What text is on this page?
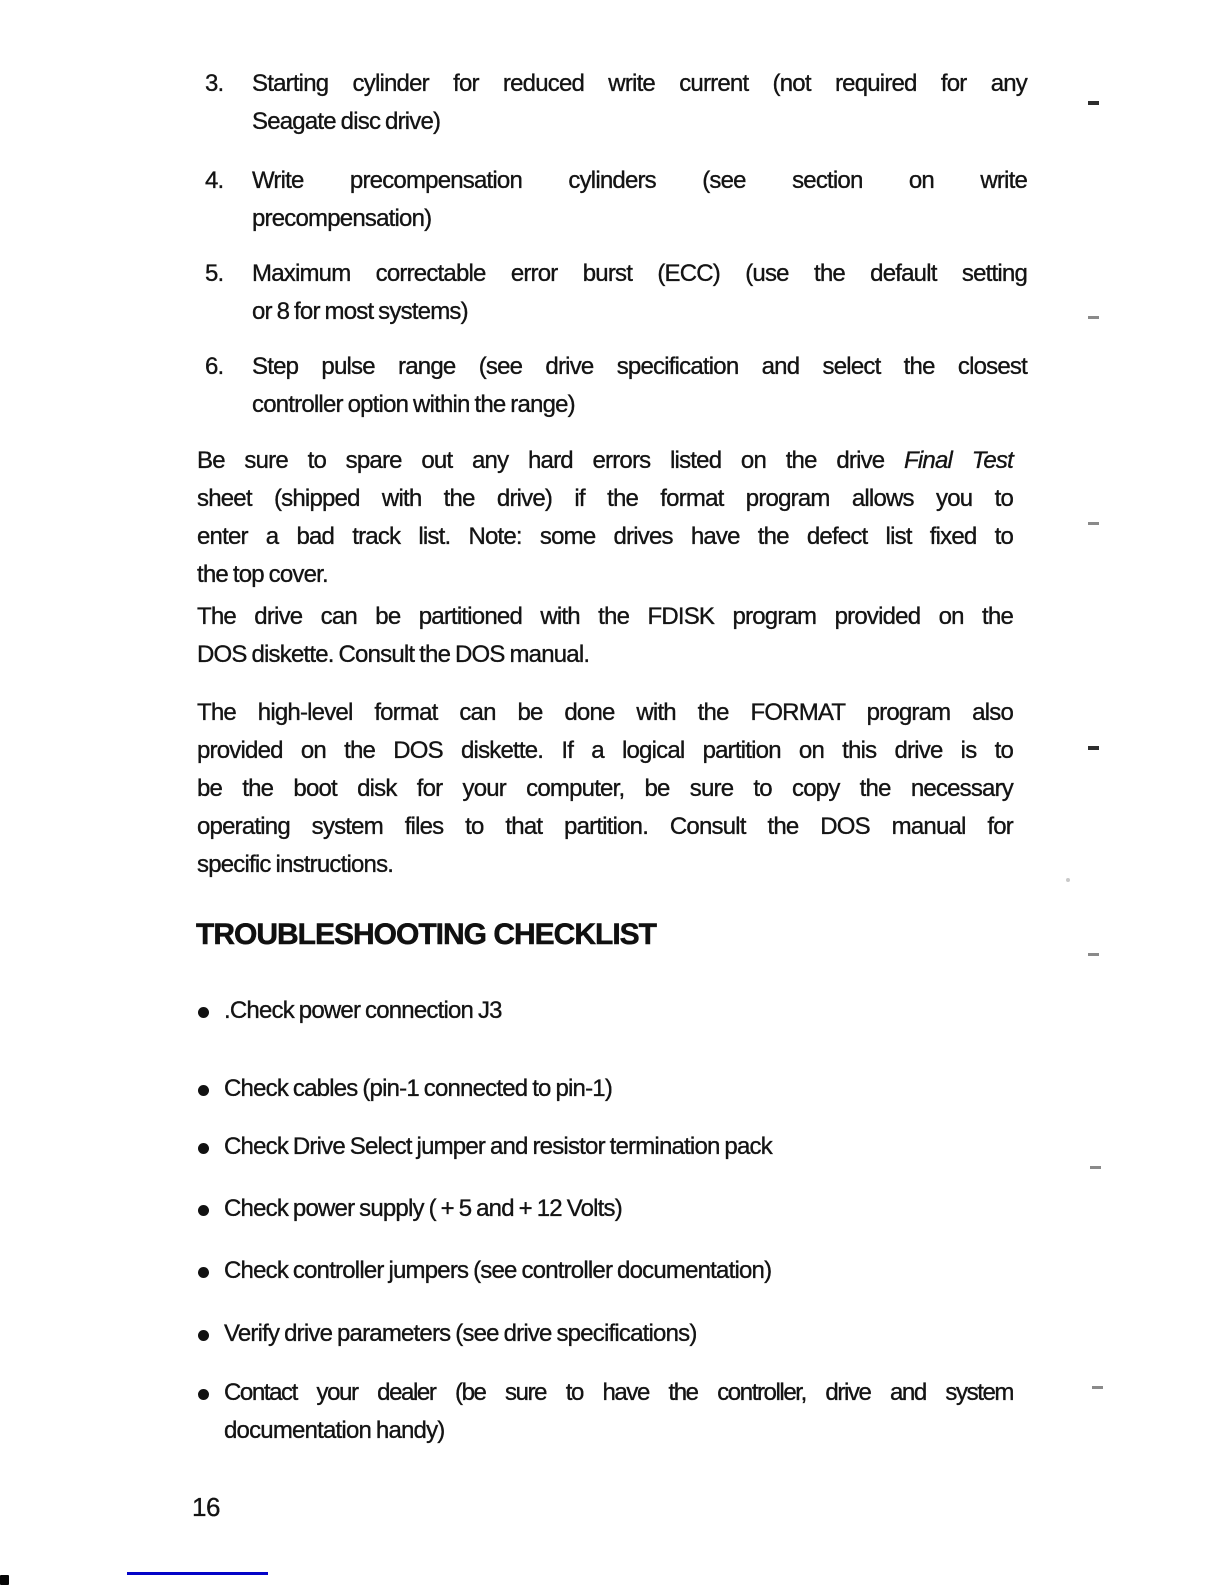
3. Starting cylinder for reduced write current (not required for any
Seagate disc drive)
4. Write precompensation cylinders (see section on write
precompensation)
5. Maximum correctable error burst (ECC) (use the default setting
or 8 for most systems)
6. Step pulse range (see drive specification and select the closest
controller option within the range)
Be sure to spare out any hard errors listed on the drive Final Test
sheet (shipped with the drive) if the format program allows you to
enter a bad track list. Note: some drives have the defect list fixed to
the top cover.
The drive can be partitioned with the FDISK program provided on the
DOS diskette. Consult the DOS manual.
The high-level format can be done with the FORMAT program also
provided on the DOS diskette. If a logical partition on this drive is to
be the boot disk for your computer, be sure to copy the necessary
operating system files to that partition. Consult the DOS manual for
specific instructions.
TROUBLESHOOTING CHECKLIST
.Check power connection J3
Check cables (pin-1 connected to pin-1)
Check Drive Select jumper and resistor termination pack
Check power supply ( + 5 and + 12 Volts)
Check controller jumpers (see controller documentation)
Verify drive parameters (see drive specifications)
Contact your dealer (be sure to have the controller, drive and system
documentation handy)
16
